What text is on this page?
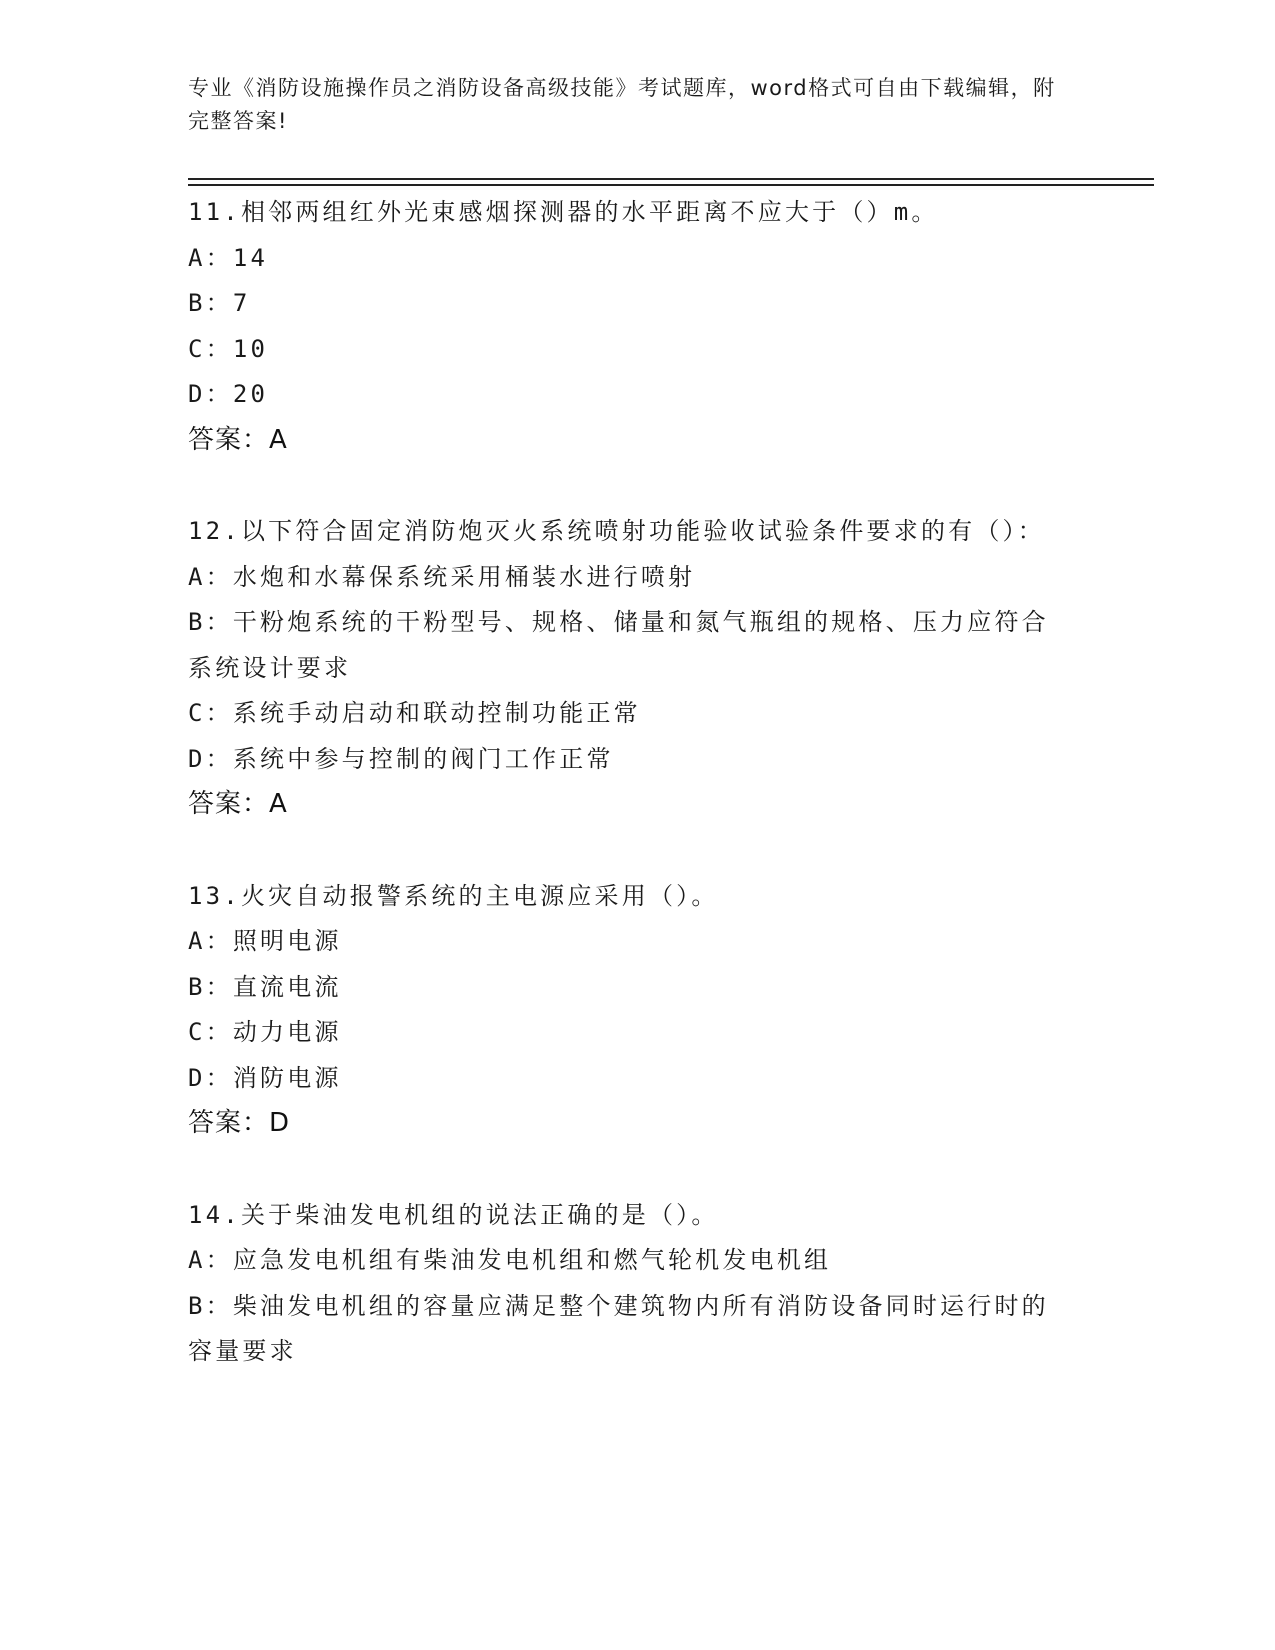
专业《消防设施操作员之消防设备高级技能》考试题库，word格式可自由下载编辑，附完整答案!
11.相邻两组红外光束感烟探测器的水平距离不应大于（）m。
A：14
B：7
C：10
D：20
答案：A
12.以下符合固定消防炮灭火系统喷射功能验收试验条件要求的有（）：
A：水炮和水幕保系统采用桶装水进行喷射
B：干粉炮系统的干粉型号、规格、储量和氮气瓶组的规格、压力应符合系统设计要求
C：系统手动启动和联动控制功能正常
D：系统中参与控制的阀门工作正常
答案：A
13.火灾自动报警系统的主电源应采用（）。
A：照明电源
B：直流电流
C：动力电源
D：消防电源
答案：D
14.关于柴油发电机组的说法正确的是（）。
A：应急发电机组有柴油发电机组和燃气轮机发电机组
B：柴油发电机组的容量应满足整个建筑物内所有消防设备同时运行时的容量要求
